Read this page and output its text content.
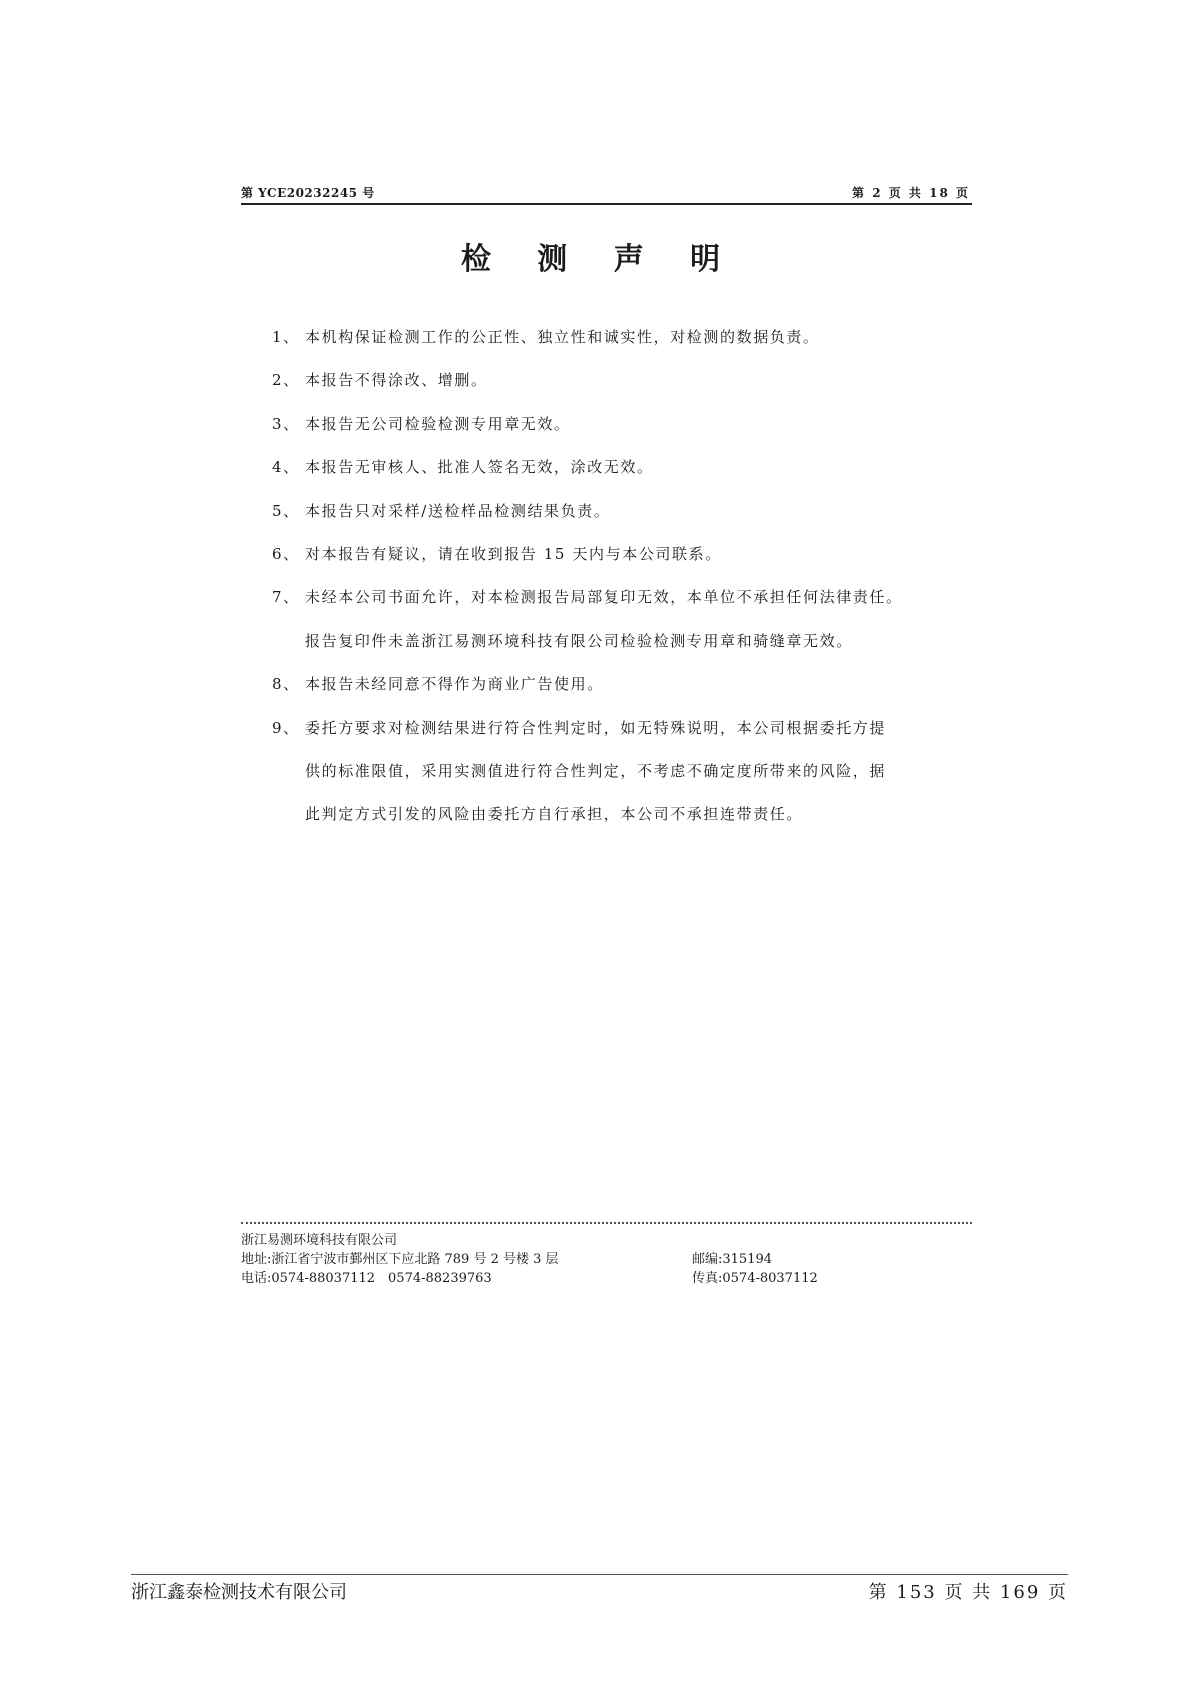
第 YCE20232245 号	第 2 页 共 18 页
检 测 声 明
1、 本机构保证检测工作的公正性、独立性和诚实性，对检测的数据负责。
2、 本报告不得涂改、增删。
3、 本报告无公司检验检测专用章无效。
4、 本报告无审核人、批准人签名无效，涂改无效。
5、 本报告只对采样/送检样品检测结果负责。
6、 对本报告有疑议，请在收到报告 15 天内与本公司联系。
7、 未经本公司书面允许，对本检测报告局部复印无效，本单位不承担任何法律责任。
报告复印件未盖浙江易测环境科技有限公司检验检测专用章和骑缝章无效。
8、 本报告未经同意不得作为商业广告使用。
9、 委托方要求对检测结果进行符合性判定时，如无特殊说明，本公司根据委托方提
供的标准限值，采用实测值进行符合性判定，不考虑不确定度所带来的风险，据
此判定方式引发的风险由委托方自行承担，本公司不承担连带责任。
浙江易测环境科技有限公司
地址:浙江省宁波市鄞州区下应北路 789 号 2 号楼 3 层	邮编:315194
电话:0574-88037112　0574-88239763	传真:0574-8037112
浙江鑫泰检测技术有限公司	第 153 页 共 169 页
